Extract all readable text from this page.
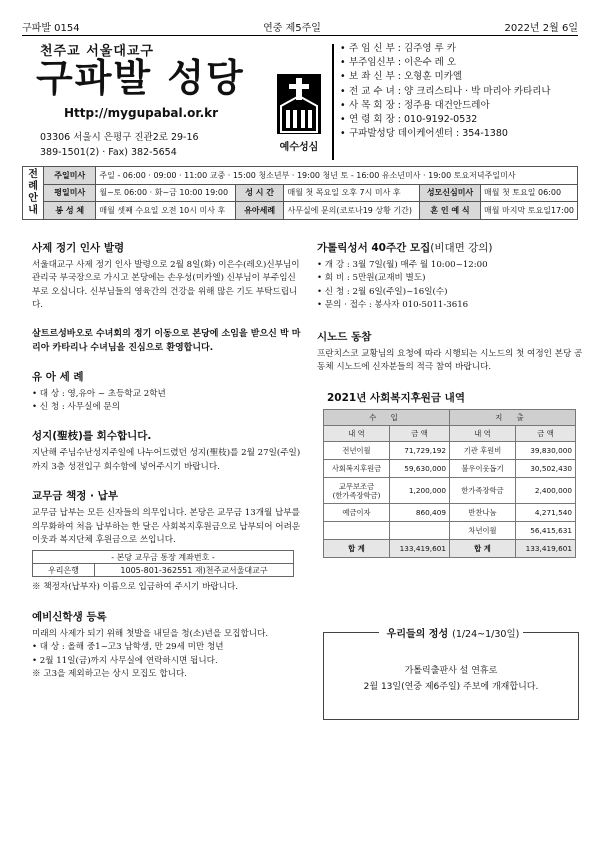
구파발 0154	연중 제5주일	2022년 2월 6일
천주교 서울대교구
구파발 성당
Http://mygupabal.or.kr
03306 서울시 은평구 진관2로 29-16
389-1501(2) · Fax) 382-5654	예수성심
• 주 임 신 부 : 김주영 루 카
• 부주임신부 : 이은수 레 오
• 보 좌 신 부 : 오형훈 미카엘
• 전 교 수 녀 : 양 크리스티나 · 박 마리아 카타리나
• 사 목 회 장 : 정주용 대건안드레아
• 연 령 회 장 : 010-9192-0532
• 구파발성당 데이케어센터 : 354-1380
전례안내	주일미사	주일 - 06:00 · 09:00 · 11:00 교중 · 15:00 청소년부 · 19:00 청년 토 - 16:00 유소년미사 · 19:00 토요저녁주일미사				
	평일미사	월~토 06:00 · 화~금 10:00 19:00	성 시 간	매월 첫 목요일 오후 7시 미사 후	성모신심미사	매월 첫 토요일 06:00
	봉 성 체	매월 셋째 수요일 오전 10시 미사 후	유아세례	사무실에 문의(코로나19 상황 기간)	혼 인 예 식	매월 마지막 토요일17:00
사제 정기 인사 발령

서울대교구 사제 정기 인사 발령으로 2월 8일(화) 이은수(레오)신부님이 관리국 부국장으로 가시고 본당에는 손우성(미카엘) 신부님이 부주임신부로 오십니다. 신부님들의 영육간의 건강을 위해 많은 기도 부탁드립니다.

살트르성바오로 수녀회의 정기 이동으로 본당에 소임을 받으신 박 마리아 카타리나 수녀님을 진심으로 환영합니다.

유 아 세 례
• 대 상 : 영,유아 ~ 초등학교 2학년
• 신 청 : 사무실에 문의
성지(聖枝)를 회수합니다.

지난해 주님수난성지주일에 나누어드렸던 성지(聖枝)를 2월 27일(주일)까지 3층 성전입구 회수함에 넣어주시기 바랍니다.

교무금 책정 · 납부

교무금 납부는 모든 신자들의 의무입니다. 본당은 교무금 13개월 납부를 의무화하여 처음 납부하는 한 달은 사회복지후원금으로 납부되어 어려운 이웃과 복지단체 후원금으로 쓰입니다.

- 본당 교무금 통장 계좌번호 -
우리은행	1005-801-362551 재)천주교서울대교구

※ 책정자(납부자) 이름으로 입금하여 주시기 바랍니다.

예비신학생 등록

미래의 사제가 되기 위해 첫발을 내딛을 청(소)년을 모집합니다.

• 대 상 : 올해 중1~고3 남학생, 만 29세 미만 청년
• 2월 11일(금)까지 사무실에 연락하시면 됩니다.
※ 고3을 제외하고는 상시 모집도 합니다.
가톨릭성서 40주간 모집(비대면 강의)
• 개 강 : 3월 7일(월) 매주 월 10:00~12:00
• 회 비 : 5만원(교재비 별도)
• 신 청 : 2월 6일(주일)~16일(수)
• 문의 · 접수 : 봉사자 010-5011-3616
시노드 동참

프란치스코 교황님의 요청에 따라 시행되는 시노드의 첫 여정인 본당 공동체 시노드에 신자분들의 적극 참여 바랍니다.

2021년 사회복지후원금 내역
수 입		지 출	
내 역	금 액	내 역	금 액
전년이월	71,729,192	기관 후원비	39,830,000
사회복지후원금	59,630,000	불우이웃돕기	30,502,430
교무보조금
(한가족장학금)	1,200,000	한가족장학금	2,400,000
예금이자	860,409	반찬나눔	4,271,540
		차년이월	56,415,631
합 계	133,419,601	합 계	133,419,601
우리들의 정성 (1/24~1/30일)
가톨릭출판사 설 연휴로
2월 13일(연중 제6주일) 주보에 개재합니다.
